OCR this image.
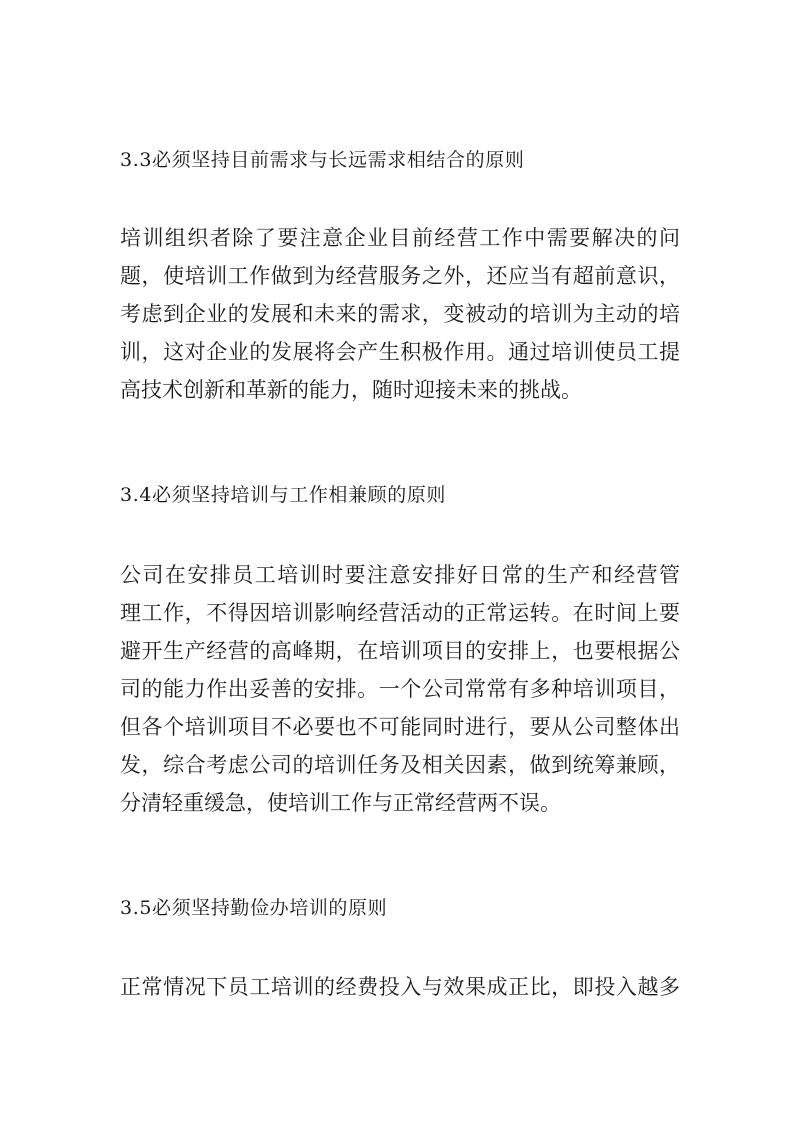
3.3必须坚持目前需求与长远需求相结合的原则
培训组织者除了要注意企业目前经营工作中需要解决的问
题，使培训工作做到为经营服务之外，还应当有超前意识，
考虑到企业的发展和未来的需求，变被动的培训为主动的培
训，这对企业的发展将会产生积极作用。通过培训使员工提
高技术创新和革新的能力，随时迎接未来的挑战。
3.4必须坚持培训与工作相兼顾的原则
公司在安排员工培训时要注意安排好日常的生产和经营管
理工作，不得因培训影响经营活动的正常运转。在时间上要
避开生产经营的高峰期，在培训项目的安排上，也要根据公
司的能力作出妥善的安排。一个公司常常有多种培训项目，
但各个培训项目不必要也不可能同时进行，要从公司整体出
发，综合考虑公司的培训任务及相关因素，做到统筹兼顾，
分清轻重缓急，使培训工作与正常经营两不误。
3.5必须坚持勤俭办培训的原则
正常情况下员工培训的经费投入与效果成正比，即投入越多
